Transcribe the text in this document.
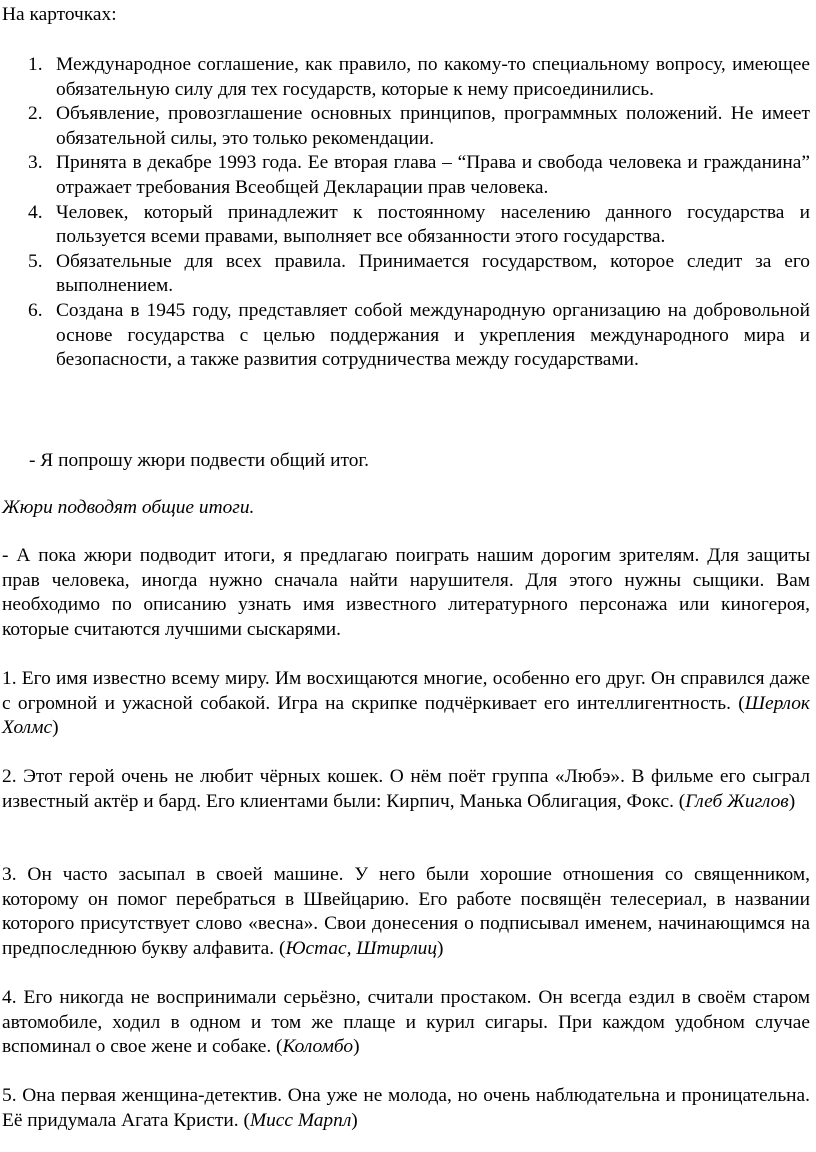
На карточках:

1. Международное соглашение, как правило, по какому-то специальному вопросу, имеющее обязательную силу для тех государств, которые к нему присоединились.
2. Объявление, провозглашение основных принципов, программных положений. Не имеет обязательной силы, это только рекомендации.
3. Принята в декабре 1993 года. Ее вторая глава – “Права и свобода человека и гражданина” отражает требования Всеобщей Декларации прав человека.
4. Человек, который принадлежит к постоянному населению данного государства и пользуется всеми правами, выполняет все обязанности этого государства.
5. Обязательные для всех правила. Принимается государством, которое следит за его выполнением.
6. Создана в 1945 году, представляет собой международную организацию на добровольной основе государства с целью поддержания и укрепления международного мира и безопасности, а также развития сотрудничества между государствами.

- Я попрошу жюри подвести общий итог.

Жюри подводят общие итоги.

- А пока жюри подводит итоги, я предлагаю поиграть нашим дорогим зрителям. Для защиты прав человека, иногда нужно сначала найти нарушителя. Для этого нужны сыщики. Вам необходимо по описанию узнать имя известного литературного персонажа или киногероя, которые считаются лучшими сыскарями.

1. Его имя известно всему миру. Им восхищаются многие, особенно его друг. Он справился даже с огромной и ужасной собакой. Игра на скрипке подчёркивает его интеллигентность. (Шерлок Холмс)

2. Этот герой очень не любит чёрных кошек. О нём поёт группа «Любэ». В фильме его сыграл известный актёр и бард. Его клиентами были: Кирпич, Манька Облигация, Фокс. (Глеб Жиглов)

3. Он часто засыпал в своей машине. У него были хорошие отношения со священником, которому он помог перебраться в Швейцарию. Его работе посвящён телесериал, в названии которого присутствует слово «весна». Свои донесения о подписывал именем, начинающимся на предпоследнюю букву алфавита. (Юстас, Штирлиц)

4. Его никогда не воспринимали серьёзно, считали простаком. Он всегда ездил в своём старом автомобиле, ходил в одном и том же плаще и курил сигары. При каждом удобном случае вспоминал о свое жене и собаке. (Коломбо)

5. Она первая женщина-детектив. Она уже не молода, но очень наблюдательна и проницательна. Её придумала Агата Кристи. (Мисс Марпл)
